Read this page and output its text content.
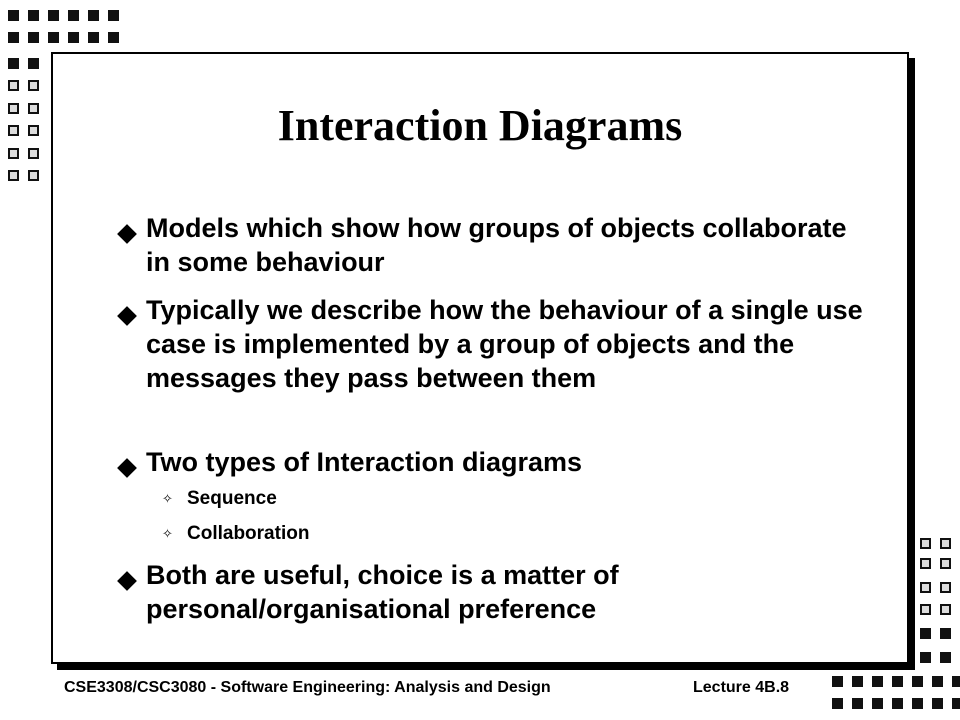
Interaction Diagrams
Models which show how groups of objects collaborate in some behaviour
Typically we describe how the behaviour of a single use case is implemented by a group of objects and the messages they pass between them
Two types of Interaction diagrams
✧ Sequence
✧ Collaboration
Both are useful, choice is a matter of personal/organisational preference
CSE3308/CSC3080 - Software Engineering: Analysis and Design	Lecture 4B.8
